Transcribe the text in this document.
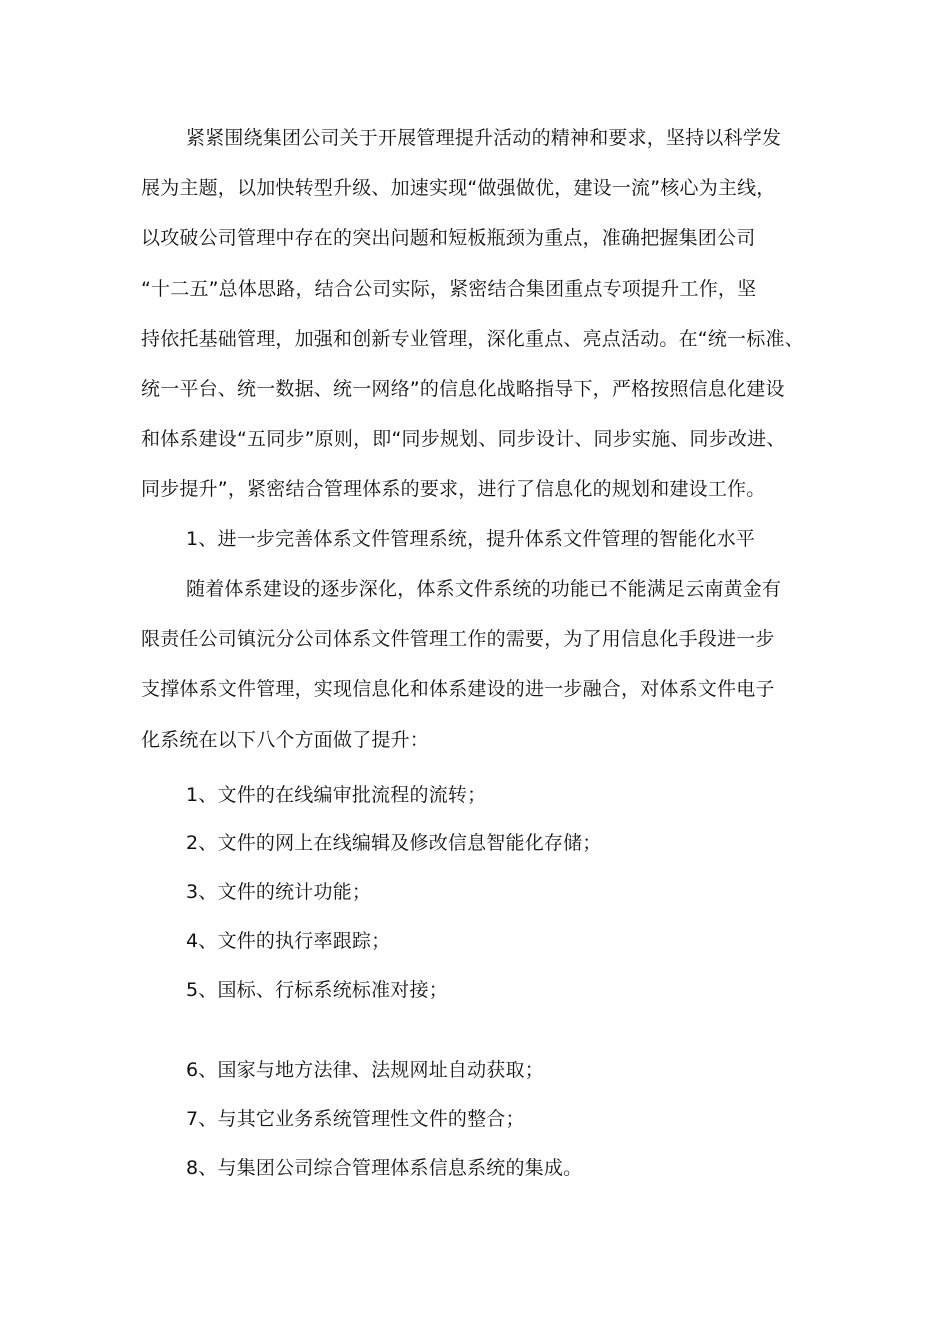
紧紧围绕集团公司关于开展管理提升活动的精神和要求，坚持以科学发
展为主题，以加快转型升级、加速实现“做强做优，建设一流”核心为主线，
以攻破公司管理中存在的突出问题和短板瓶颈为重点，准确把握集团公司
“十二五”总体思路，结合公司实际，紧密结合集团重点专项提升工作，坚
持依托基础管理，加强和创新专业管理，深化重点、亮点活动。在“统一标准、
统一平台、统一数据、统一网络”的信息化战略指导下，严格按照信息化建设
和体系建设“五同步”原则，即“同步规划、同步设计、同步实施、同步改进、
同步提升”，紧密结合管理体系的要求，进行了信息化的规划和建设工作。
1、进一步完善体系文件管理系统，提升体系文件管理的智能化水平
随着体系建设的逐步深化，体系文件系统的功能已不能满足云南黄金有
限责任公司镇沅分公司体系文件管理工作的需要，为了用信息化手段进一步
支撑体系文件管理，实现信息化和体系建设的进一步融合，对体系文件电子
化系统在以下八个方面做了提升：
1、文件的在线编审批流程的流转；
2、文件的网上在线编辑及修改信息智能化存储；
3、文件的统计功能；
4、文件的执行率跟踪；
5、国标、行标系统标准对接；
6、国家与地方法律、法规网址自动获取；
7、与其它业务系统管理性文件的整合；
8、与集团公司综合管理体系信息系统的集成。
